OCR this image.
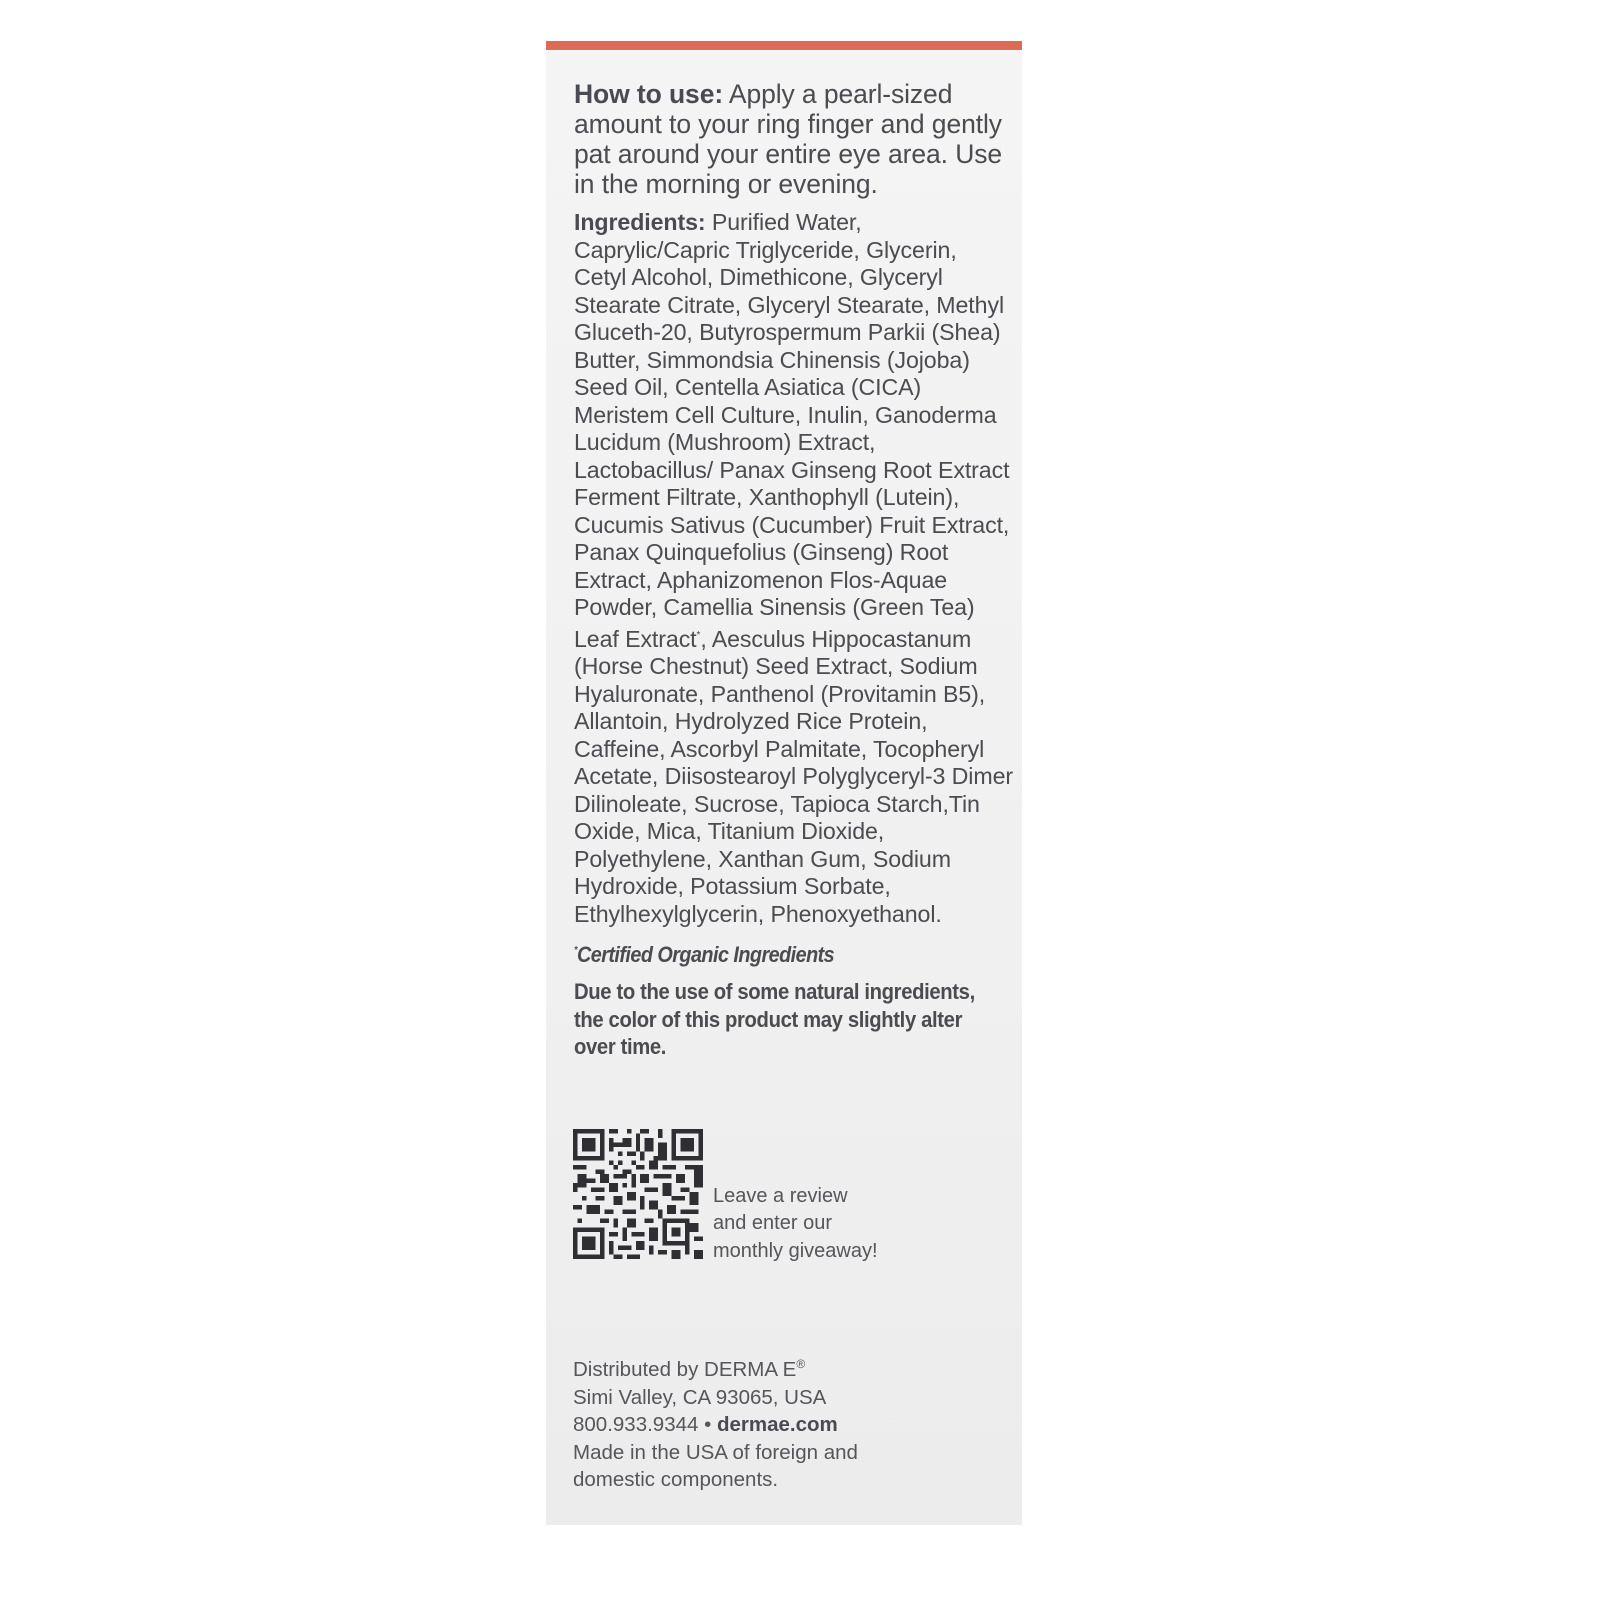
How to use: Apply a pearl-sized amount to your ring finger and gently pat around your entire eye area. Use in the morning or evening.

Ingredients: Purified Water, Caprylic/Capric Triglyceride, Glycerin, Cetyl Alcohol, Dimethicone, Glyceryl Stearate Citrate, Glyceryl Stearate, Methyl Gluceth-20, Butyrospermum Parkii (Shea) Butter, Simmondsia Chinensis (Jojoba) Seed Oil, Centella Asiatica (CICA) Meristem Cell Culture, Inulin, Ganoderma Lucidum (Mushroom) Extract, Lactobacillus/ Panax Ginseng Root Extract Ferment Filtrate, Xanthophyll (Lutein), Cucumis Sativus (Cucumber) Fruit Extract, Panax Quinquefolius (Ginseng) Root Extract, Aphanizomenon Flos-Aquae Powder, Camellia Sinensis (Green Tea) Leaf Extract*, Aesculus Hippocastanum (Horse Chestnut) Seed Extract, Sodium Hyaluronate, Panthenol (Provitamin B5), Allantoin, Hydrolyzed Rice Protein, Caffeine, Ascorbyl Palmitate, Tocopheryl Acetate, Diisostearoyl Polyglyceryl-3 Dimer Dilinoleate, Sucrose, Tapioca Starch,Tin Oxide, Mica, Titanium Dioxide, Polyethylene, Xanthan Gum, Sodium Hydroxide, Potassium Sorbate, Ethylhexylglycerin, Phenoxyethanol.

*Certified Organic Ingredients

Due to the use of some natural ingredients, the color of this product may slightly alter over time.

Leave a review
and enter our
monthly giveaway!
Distributed by DERMA E®
Simi Valley, CA 93065, USA
800.933.9344 • dermae.com
Made in the USA of foreign and
domestic components.
